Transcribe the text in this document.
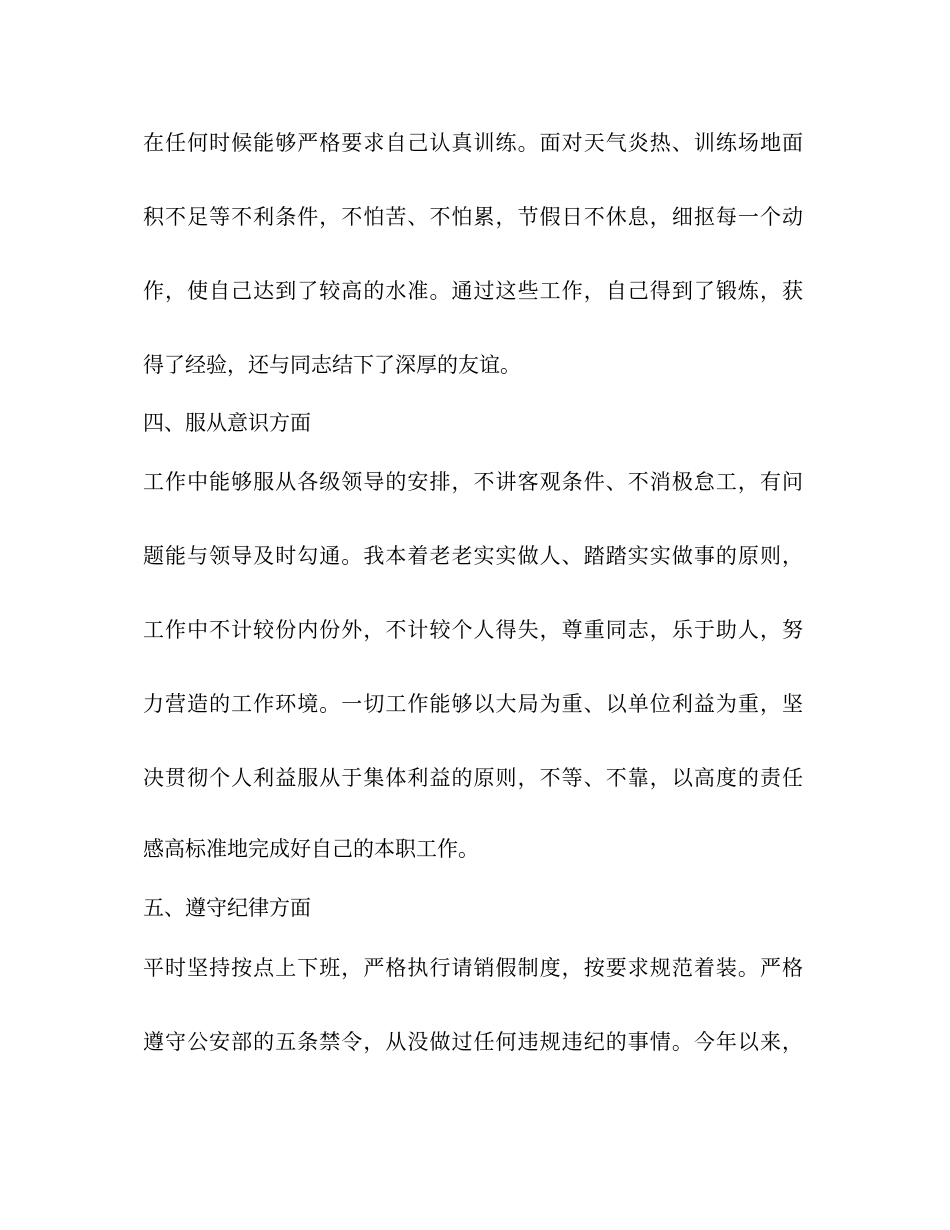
在任何时候能够严格要求自己认真训练。面对天气炎热、训练场地面
积不足等不利条件，不怕苦、不怕累，节假日不休息，细抠每一个动
作，使自己达到了较高的水准。通过这些工作，自己得到了锻炼，获
得了经验，还与同志结下了深厚的友谊。
四、服从意识方面
工作中能够服从各级领导的安排，不讲客观条件、不消极怠工，有问
题能与领导及时勾通。我本着老老实实做人、踏踏实实做事的原则，
工作中不计较份内份外，不计较个人得失，尊重同志，乐于助人，努
力营造的工作环境。一切工作能够以大局为重、以单位利益为重，坚
决贯彻个人利益服从于集体利益的原则，不等、不靠，以高度的责任
感高标准地完成好自己的本职工作。
五、遵守纪律方面
平时坚持按点上下班，严格执行请销假制度，按要求规范着装。严格
遵守公安部的五条禁令，从没做过任何违规违纪的事情。今年以来，
